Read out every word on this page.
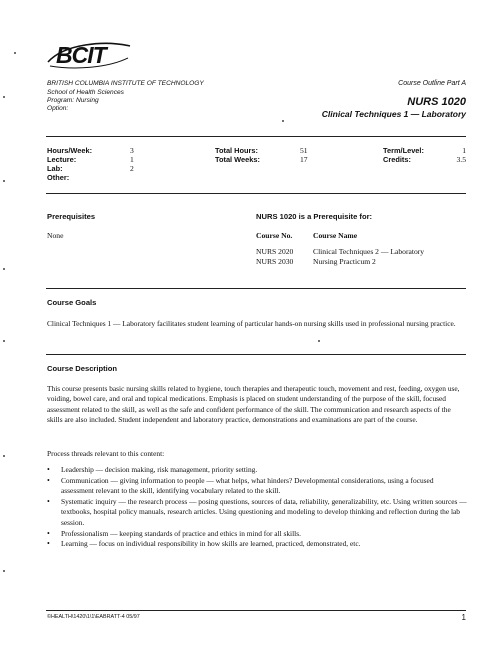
BCIT
BRITISH COLUMBIA INSTITUTE OF TECHNOLOGY
School of Health Sciences
Program: Nursing
Option:
Course Outline Part A
NURS 1020
Clinical Techniques 1 — Laboratory
Hours/Week:	3
Lecture:	1
Lab:	2
Other:
Total Hours:	51
Total Weeks:	17
Term/Level:	1
Credits:	3.5
Prerequisites
None
NURS 1020 is a Prerequisite for:
Course No.	Course Name
NURS 2020	Clinical Techniques 2 — Laboratory
NURS 2030	Nursing Practicum 2
Course Goals
Clinical Techniques 1 — Laboratory facilitates student learning of particular hands-on nursing skills used in professional nursing practice.
Course Description
This course presents basic nursing skills related to hygiene, touch therapies and therapeutic touch, movement and rest, feeding, oxygen use, voiding, bowel care, and oral and topical medications. Emphasis is placed on student understanding of the purpose of the skill, focused assessment related to the skill, as well as the safe and confident performance of the skill. The communication and research aspects of the skills are also included. Student independent and laboratory practice, demonstrations and examinations are part of the course.
Process threads relevant to this content:
• Leadership — decision making, risk management, priority setting.
• Communication — giving information to people — what helps, what hinders? Developmental considerations, using a focused assessment relevant to the skill, identifying vocabulary related to the skill.
• Systematic inquiry — the research process — posing questions, sources of data, reliability, generalizability, etc. Using written sources — textbooks, hospital policy manuals, research articles. Using questioning and modeling to develop thinking and reflection during the lab session.
• Professionalism — keeping standards of practice and ethics in mind for all skills.
• Learning — focus on individual responsibility in how skills are learned, practiced, demonstrated, etc.
©HEALTH\1420\1\1\EABRATT-4 05/97	1
